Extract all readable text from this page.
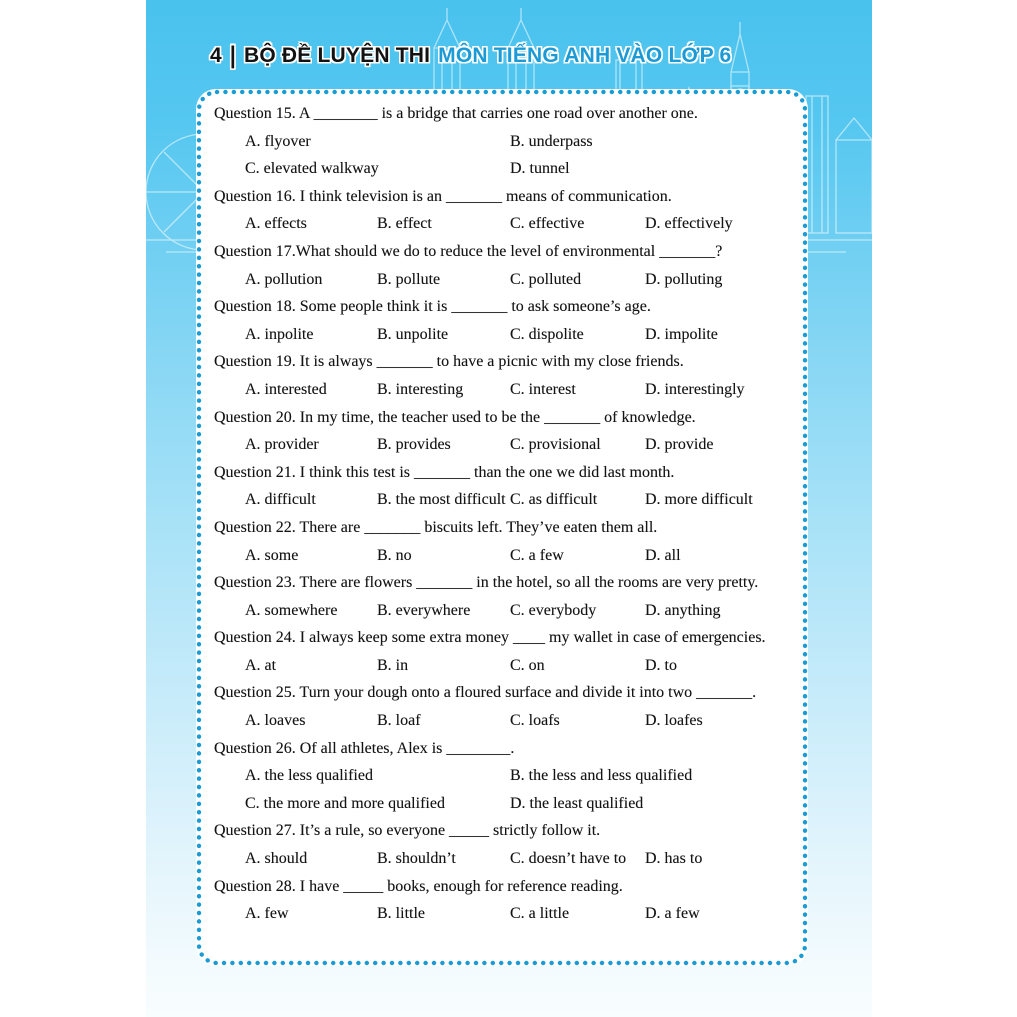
4 | BỘ ĐỀ LUYỆN THI MÔN TIẾNG ANH VÀO LỚP 6
Question 15. A ________ is a bridge that carries one road over another one.
A. flyover	B. underpass
C. elevated walkway	D. tunnel
Question 16. I think television is an _______ means of communication.
A. effects	B. effect	C. effective	D. effectively
Question 17.What should we do to reduce the level of environmental _______?
A. pollution	B. pollute	C. polluted	D. polluting
Question 18. Some people think it is _______ to ask someone’s age.
A. inpolite	B. unpolite	C. dispolite	D. impolite
Question 19. It is always _______ to have a picnic with my close friends.
A. interested	B. interesting	C. interest	D. interestingly
Question 20. In my time, the teacher used to be the _______ of knowledge.
A. provider	B. provides	C. provisional	D. provide
Question 21. I think this test is _______ than the one we did last month.
A. difficult	B. the most difficult C. as difficult	D. more difficult
Question 22. There are _______ biscuits left. They’ve eaten them all.
A. some	B. no	C. a few	D. all
Question 23. There are flowers _______ in the hotel, so all the rooms are very pretty.
A. somewhere B. everywhere C. everybody	D. anything
Question 24. I always keep some extra money ____ my wallet in case of emergencies.
A. at	B. in	C. on	D. to
Question 25. Turn your dough onto a floured surface and divide it into two _______.
A. loaves	B. loaf	C. loafs	D. loafes
Question 26. Of all athletes, Alex is ________.
A. the less qualified	B. the less and less qualified
C. the more and more qualified	D. the least qualified
Question 27. It’s a rule, so everyone _____ strictly follow it.
A. should	B. shouldn’t	C. doesn’t have to D. has to
Question 28. I have _____ books, enough for reference reading.
A. few	B. little	C. a little	D. a few
